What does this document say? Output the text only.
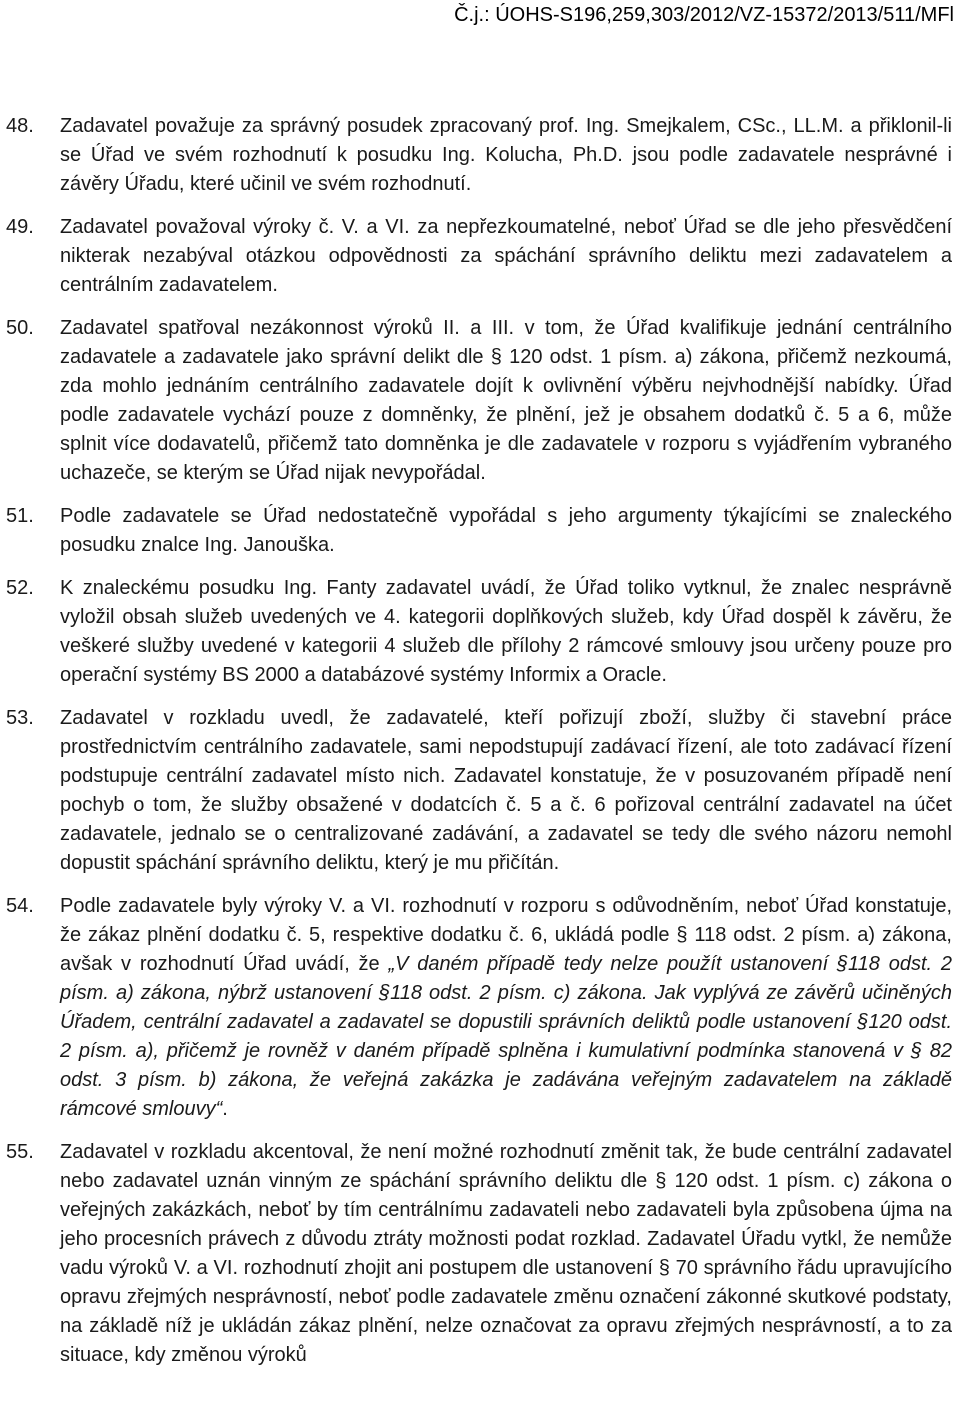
Č.j.: ÚOHS-S196,259,303/2012/VZ-15372/2013/511/MFl
48. Zadavatel považuje za správný posudek zpracovaný prof. Ing. Smejkalem, CSc., LL.M. a přiklonil-li se Úřad ve svém rozhodnutí k posudku Ing. Kolucha, Ph.D. jsou podle zadavatele nesprávné i závěry Úřadu, které učinil ve svém rozhodnutí.
49. Zadavatel považoval výroky č. V. a VI. za nepřezkoumatelné, neboť Úřad se dle jeho přesvědčení nikterak nezabýval otázkou odpovědnosti za spáchání správního deliktu mezi zadavatelem a centrálním zadavatelem.
50. Zadavatel spatřoval nezákonnost výroků II. a III. v tom, že Úřad kvalifikuje jednání centrálního zadavatele a zadavatele jako správní delikt dle § 120 odst. 1 písm. a) zákona, přičemž nezkoumá, zda mohlo jednáním centrálního zadavatele dojít k ovlivnění výběru nejvhodnější nabídky. Úřad podle zadavatele vychází pouze z domněnky, že plnění, jež je obsahem dodatků č. 5 a 6, může splnit více dodavatelů, přičemž tato domněnka je dle zadavatele v rozporu s vyjádřením vybraného uchazeče, se kterým se Úřad nijak nevypořádal.
51. Podle zadavatele se Úřad nedostatečně vypořádal s jeho argumenty týkajícími se znaleckého posudku znalce Ing. Janouška.
52. K znaleckému posudku Ing. Fanty zadavatel uvádí, že Úřad toliko vytknul, že znalec nesprávně vyložil obsah služeb uvedených ve 4. kategorii doplňkových služeb, kdy Úřad dospěl k závěru, že veškeré služby uvedené v kategorii 4 služeb dle přílohy 2 rámcové smlouvy jsou určeny pouze pro operační systémy BS 2000 a databázové systémy Informix a Oracle.
53. Zadavatel v rozkladu uvedl, že zadavatelé, kteří pořizují zboží, služby či stavební práce prostřednictvím centrálního zadavatele, sami nepodstupují zadávací řízení, ale toto zadávací řízení podstupuje centrální zadavatel místo nich. Zadavatel konstatuje, že v posuzovaném případě není pochyb o tom, že služby obsažené v dodatcích č. 5 a č. 6 pořizoval centrální zadavatel na účet zadavatele, jednalo se o centralizované zadávání, a zadavatel se tedy dle svého názoru nemohl dopustit spáchání správního deliktu, který je mu přičítán.
54. Podle zadavatele byly výroky V. a VI. rozhodnutí v rozporu s odůvodněním, neboť Úřad konstatuje, že zákaz plnění dodatku č. 5, respektive dodatku č. 6, ukládá podle § 118 odst. 2 písm. a) zákona, avšak v rozhodnutí Úřad uvádí, že „V daném případě tedy nelze použít ustanovení §118 odst. 2 písm. a) zákona, nýbrž ustanovení §118 odst. 2 písm. c) zákona. Jak vyplývá ze závěrů učiněných Úřadem, centrální zadavatel a zadavatel se dopustili správních deliktů podle ustanovení §120 odst. 2 písm. a), přičemž je rovněž v daném případě splněna i kumulativní podmínka stanovená v § 82 odst. 3 písm. b) zákona, že veřejná zakázka je zadávána veřejným zadavatelem na základě rámcové smlouvy“.
55. Zadavatel v rozkladu akcentoval, že není možné rozhodnutí změnit tak, že bude centrální zadavatel nebo zadavatel uznán vinným ze spáchání správního deliktu dle § 120 odst. 1 písm. c) zákona o veřejných zakázkách, neboť by tím centrálnímu zadavateli nebo zadavateli byla způsobena újma na jeho procesních právech z důvodu ztráty možnosti podat rozklad. Zadavatel Úřadu vytkl, že nemůže vadu výroků V. a VI. rozhodnutí zhojit ani postupem dle ustanovení § 70 správního řádu upravujícího opravu zřejmých nesprávností, neboť podle zadavatele změnu označení zákonné skutkové podstaty, na základě níž je ukládán zákaz plnění, nelze označovat za opravu zřejmých nesprávností, a to za situace, kdy změnou výroků
